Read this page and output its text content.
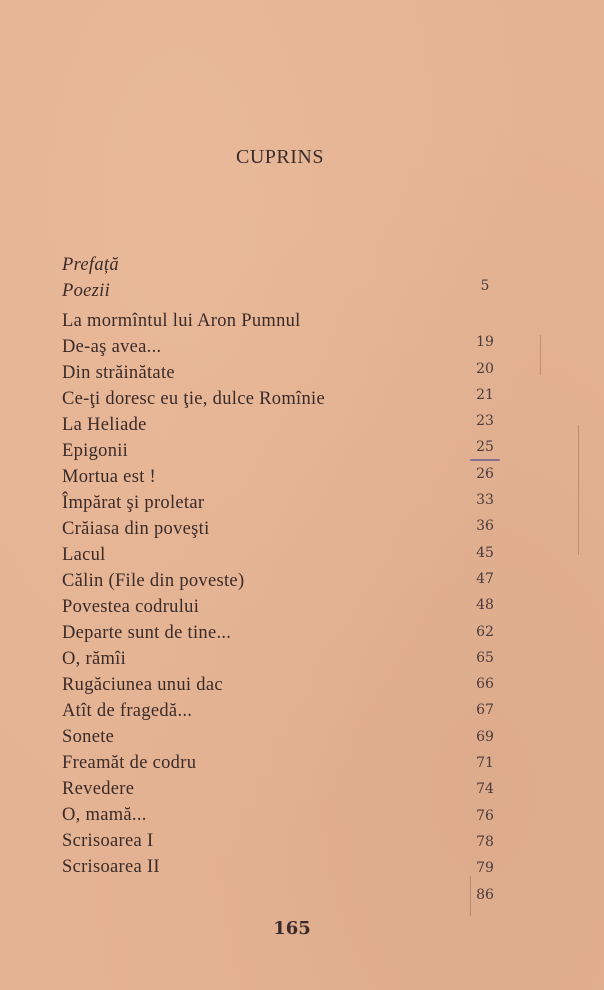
CUPRINS
Prefață
Poezii
La mormîntul lui Aron Pumnul
De-aş avea...
Din străinătate
Ce-ţi doresc eu ţie, dulce Romînie
La Heliade
Epigonii
Mortua est !
Împărat şi proletar
Crăiasa din poveşti
Lacul
Călin (File din poveste)
Povestea codrului
Departe sunt de tine...
O, rămîi
Rugăciunea unui dac
Atît de fragedă...
Sonete
Freamăt de codru
Revedere
O, mamă...
Scrisoarea I
Scrisoarea II
5
19
20
21
23
25
26
33
36
45
47
48
62
65
66
67
69
71
74
76
78
79
86
165
